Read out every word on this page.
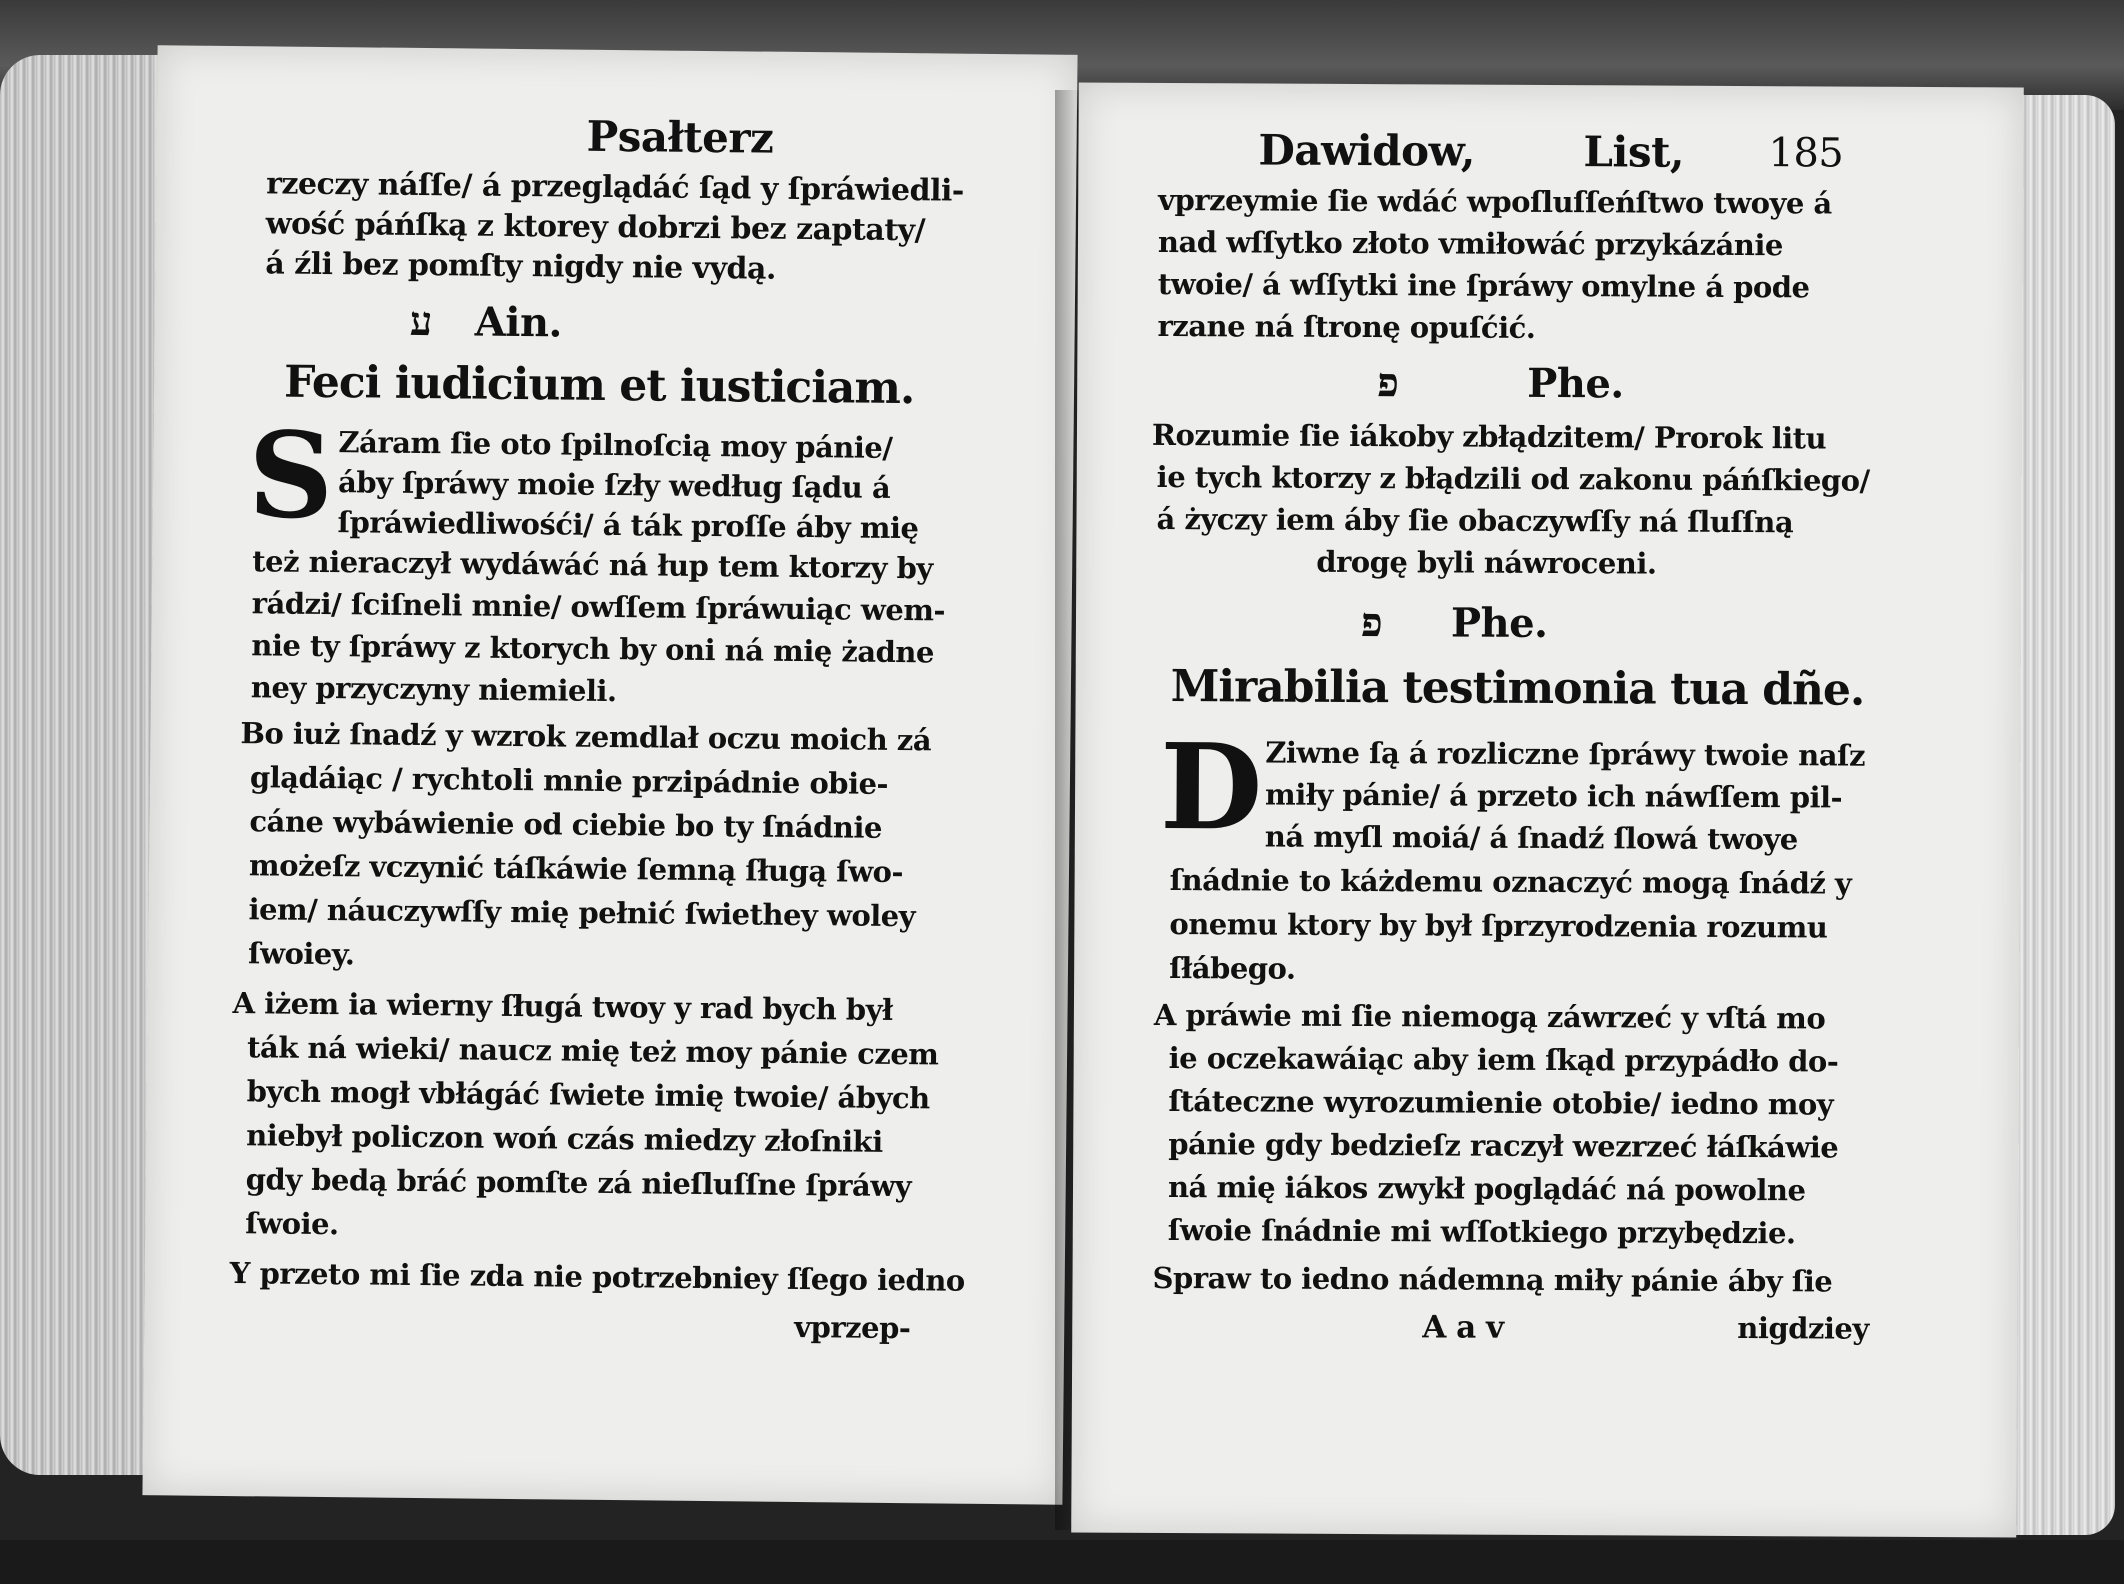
Psałterz
rzeczy náſſe/ á przeglądáć ſąd y ſpráwiedli-
wość páńſką z ktorey dobrzi bez zaptaty/
á źli bez pomſty nigdy nie vydą.
ע Ain.
Feci iudicium et iusticiam.
S Záram ſie oto ſpilnoſcią moy pánie/
áby ſpráwy moie ſzły według ſądu á
ſpráwiedliwośći/ á ták proſſe áby mię
też nieraczył wydáwáć ná łup tem ktorzy by
rádzi/ ſciſneli mnie/ owſſem ſpráwuiąc wem-
nie ty ſpráwy z ktorych by oni ná mię żadne
ney przyczyny niemieli.
Bo iuż ſnadź y wzrok zemdlał oczu moich zá
glądáiąc / rychtoli mnie przipádnie obie-
cáne wybáwienie od ciebie bo ty ſnádnie
możeſz vczynić táſkáwie ſemną ſługą ſwo-
iem/ náuczywſſy mię pełnić ſwiethey woley
ſwoiey.
A iżem ia wierny ſługá twoy y rad bych był
ták ná wieki/ naucz mię też moy pánie czem
bych mogł vbłágáć ſwiete imię twoie/ ábych
niebył policzon woń czás miedzy złoſniki
gdy bedą bráć pomſte zá nieſluſſne ſpráwy
ſwoie.
Y przeto mi ſie zda nie potrzebniey ſſego iedno
vprzep-
Dawidow,	List, 185
vprzeymie ſie wdáć wpoſluſſeńſtwo twoye á
nad wſſytko złoto vmiłowáć przykázánie
twoie/ á wſſytki ine ſpráwy omylne á pode
rzane ná ſtronę opuſćić.
פ	Phe.
Rozumie ſie iákoby zbłądzitem/ Prorok litu
ie tych ktorzy z błądzili od zakonu páńſkiego/
á życzy iem áby ſie obaczywſſy ná ſluſſną
drogę byli náwroceni.
פ Phe.
Mirabilia testimonia tua dñe.
D Ziwne ſą á rozliczne ſpráwy twoie naſz
miły pánie/ á przeto ich náwſſem pil-
ná myſl moiá/ á ſnadź ſlowá twoye
ſnádnie to káżdemu oznaczyć mogą ſnádź y
onemu ktory by był ſprzyrodzenia rozumu
ſłábego.
A práwie mi ſie niemogą záwrzeć y vſtá mo
ie oczekawáiąc aby iem ſkąd przypádło do-
ſtáteczne wyrozumienie otobie/ iedno moy
pánie gdy bedzieſz raczył wezrzeć łáſkáwie
ná mię iákos zwykł poglądáć ná powolne
ſwoie ſnádnie mi wſſotkiego przybędzie.
Spraw to iedno nádemną miły pánie áby ſie
A a v	nigdziey
